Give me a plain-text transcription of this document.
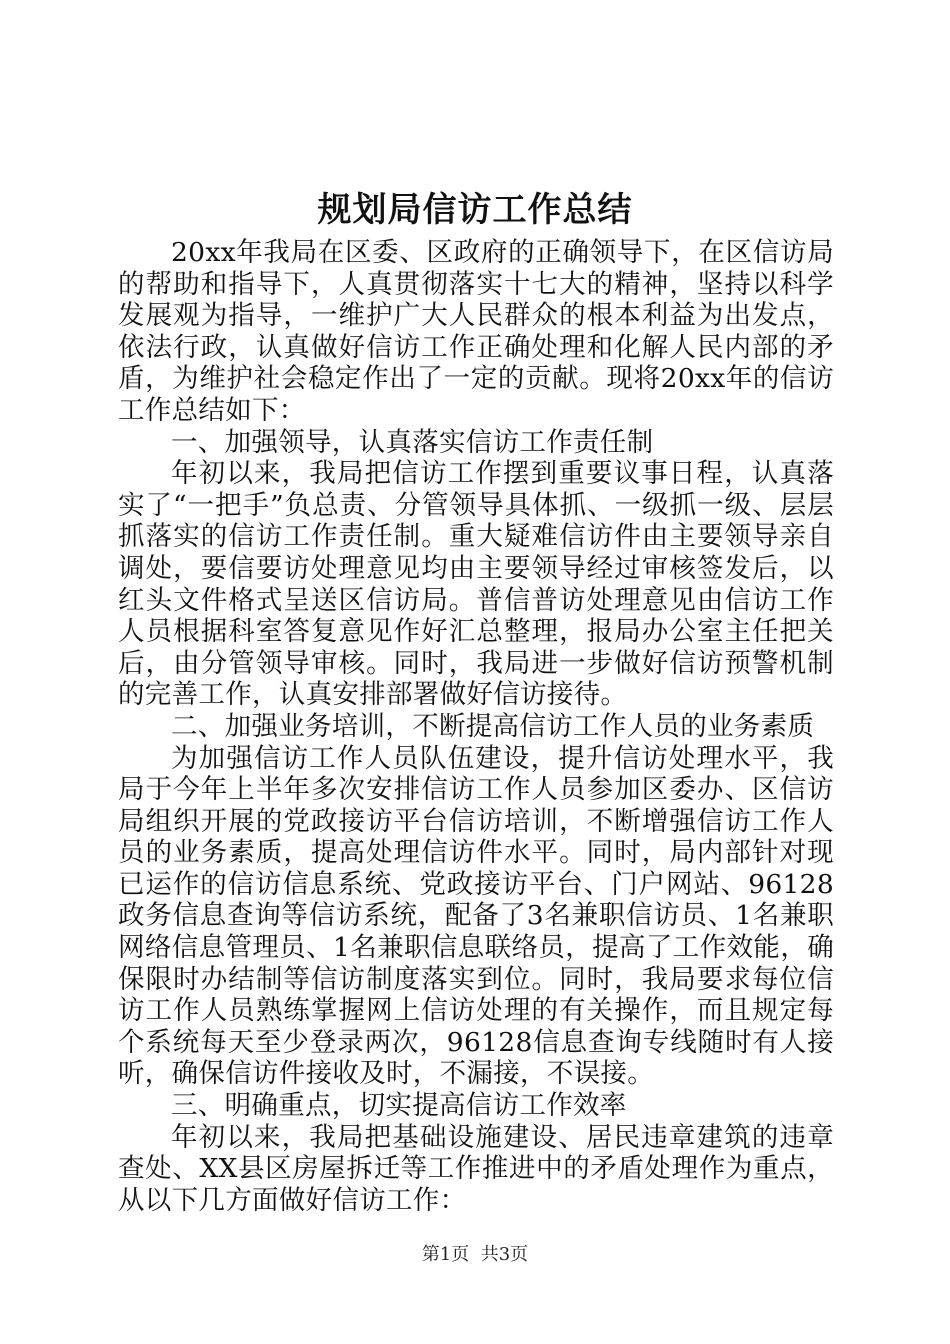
规划局信访工作总结

20xx年我局在区委、区政府的正确领导下，在区信访局的帮助和指导下，人真贯彻落实十七大的精神，坚持以科学发展观为指导，一维护广大人民群众的根本利益为出发点，依法行政，认真做好信访工作正确处理和化解人民内部的矛盾，为维护社会稳定作出了一定的贡献。现将20xx年的信访工作总结如下：

一、加强领导，认真落实信访工作责任制

年初以来，我局把信访工作摆到重要议事日程，认真落实了“一把手”负总责、分管领导具体抓、一级抓一级、层层抓落实的信访工作责任制。重大疑难信访件由主要领导亲自调处，要信要访处理意见均由主要领导经过审核签发后，以红头文件格式呈送区信访局。普信普访处理意见由信访工作人员根据科室答复意见作好汇总整理，报局办公室主任把关后，由分管领导审核。同时，我局进一步做好信访预警机制的完善工作，认真安排部署做好信访接待。

二、加强业务培训，不断提高信访工作人员的业务素质

为加强信访工作人员队伍建设，提升信访处理水平，我局于今年上半年多次安排信访工作人员参加区委办、区信访局组织开展的党政接访平台信访培训，不断增强信访工作人员的业务素质，提高处理信访件水平。同时，局内部针对现已运作的信访信息系统、党政接访平台、门户网站、96128政务信息查询等信访系统，配备了3名兼职信访员、1名兼职网络信息管理员、1名兼职信息联络员，提高了工作效能，确保限时办结制等信访制度落实到位。同时，我局要求每位信访工作人员熟练掌握网上信访处理的有关操作，而且规定每个系统每天至少登录两次，96128信息查询专线随时有人接听，确保信访件接收及时，不漏接，不误接。

三、明确重点，切实提高信访工作效率

年初以来，我局把基础设施建设、居民违章建筑的违章查处、XX县区房屋拆迁等工作推进中的矛盾处理作为重点，从以下几方面做好信访工作：

第1页  共3页
